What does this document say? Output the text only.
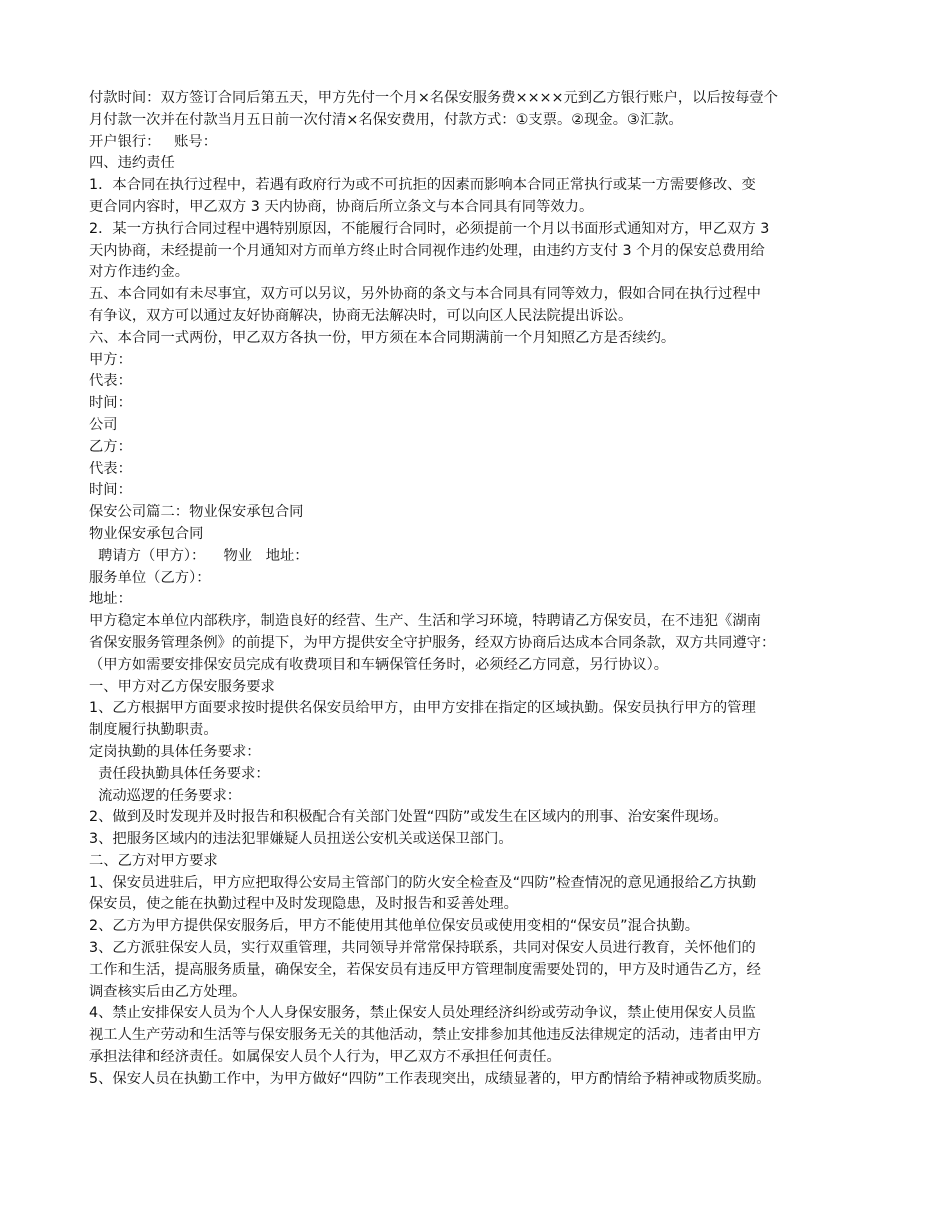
付款时间：双方签订合同后第五天，甲方先付一个月×名保安服务费××××元到乙方银行账户，以后按每壹个
月付款一次并在付款当月五日前一次付清×名保安费用，付款方式：①支票。②现金。③汇款。
开户银行：   账号：
四、违约责任
1．本合同在执行过程中，若遇有政府行为或不可抗拒的因素而影响本合同正常执行或某一方需要修改、变
更合同内容时，甲乙双方 3 天内协商，协商后所立条文与本合同具有同等效力。
2．某一方执行合同过程中遇特别原因，不能履行合同时，必须提前一个月以书面形式通知对方，甲乙双方 3
天内协商，未经提前一个月通知对方而单方终止时合同视作违约处理，由违约方支付 3 个月的保安总费用给
对方作违约金。
五、本合同如有未尽事宜，双方可以另议，另外协商的条文与本合同具有同等效力，假如合同在执行过程中
有争议，双方可以通过友好协商解决，协商无法解决时，可以向区人民法院提出诉讼。
六、本合同一式两份，甲乙双方各执一份，甲方须在本合同期满前一个月知照乙方是否续约。
甲方：
代表：
时间：
公司
乙方：
代表：
时间：
保安公司篇二：物业保安承包合同
物业保安承包合同
聘请方（甲方）：    物业   地址：
服务单位（乙方）：
地址：
甲方稳定本单位内部秩序，制造良好的经营、生产、生活和学习环境，特聘请乙方保安员，在不违犯《湖南
省保安服务管理条例》的前提下，为甲方提供安全守护服务，经双方协商后达成本合同条款，双方共同遵守：
（甲方如需要安排保安员完成有收费项目和车辆保管任务时，必须经乙方同意，另行协议）。
一、甲方对乙方保安服务要求
1、乙方根据甲方面要求按时提供名保安员给甲方，由甲方安排在指定的区域执勤。保安员执行甲方的管理
制度履行执勤职责。
定岗执勤的具体任务要求：
责任段执勤具体任务要求：
流动巡逻的任务要求：
2、做到及时发现并及时报告和积极配合有关部门处置“四防”或发生在区域内的刑事、治安案件现场。
3、把服务区域内的违法犯罪嫌疑人员扭送公安机关或送保卫部门。
二、乙方对甲方要求
1、保安员进驻后，甲方应把取得公安局主管部门的防火安全检查及“四防”检查情况的意见通报给乙方执勤
保安员，使之能在执勤过程中及时发现隐患，及时报告和妥善处理。
2、乙方为甲方提供保安服务后，甲方不能使用其他单位保安员或使用变相的“保安员”混合执勤。
3、乙方派驻保安人员，实行双重管理，共同领导并常常保持联系，共同对保安人员进行教育，关怀他们的
工作和生活，提高服务质量，确保安全，若保安员有违反甲方管理制度需要处罚的，甲方及时通告乙方，经
调查核实后由乙方处理。
4、禁止安排保安人员为个人人身保安服务，禁止保安人员处理经济纠纷或劳动争议，禁止使用保安人员监
视工人生产劳动和生活等与保安服务无关的其他活动，禁止安排参加其他违反法律规定的活动，违者由甲方
承担法律和经济责任。如属保安人员个人行为，甲乙双方不承担任何责任。
5、保安人员在执勤工作中，为甲方做好“四防”工作表现突出，成绩显著的，甲方酌情给予精神或物质奖励。
